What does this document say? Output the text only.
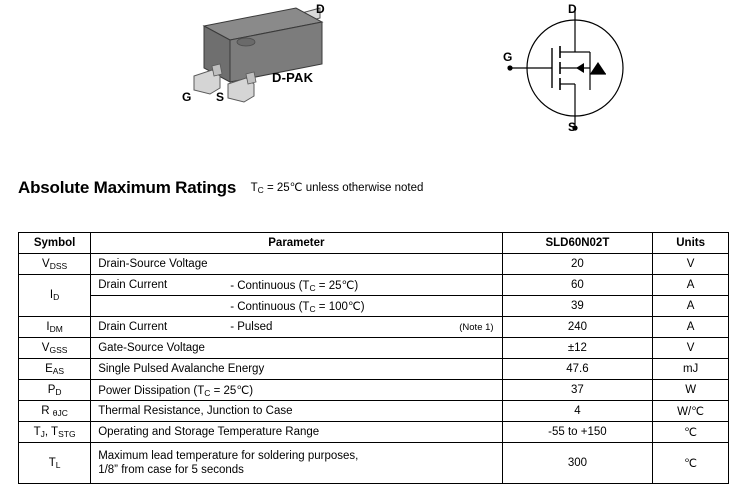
D-PAK
D
G S
D
S
G
Absolute Maximum Ratings $T_C$ = 25℃ unless otherwise noted
Symbol	Parameter	SLD60N02T	Units
$V_{DSS}$	Drain-Source Voltage	20	V
$I_D$	Drain Current - Continuous ($T_C$ = 25℃)	60	A

	- Continuous ($T_C$ = 100℃)	39	A
$I_{DM}$	Drain Current - Pulsed (Note 1)	240	A
$V_{GSS}$	Gate-Source Voltage	±12	V
$E_{AS}$	Single Pulsed Avalanche Energy	47.6	mJ
$P_D$	Power Dissipation ($T_C$ = 25℃)	37	W
R $_{\theta JC}$	Thermal Resistance, Junction to Case	4	W/℃
$T_J$, $T_{STG}$	Operating and Storage Temperature Range	-55 to +150	℃
$T_L$	Maximum lead temperature for soldering purposes,
1/8” from case for 5 seconds	300	℃
